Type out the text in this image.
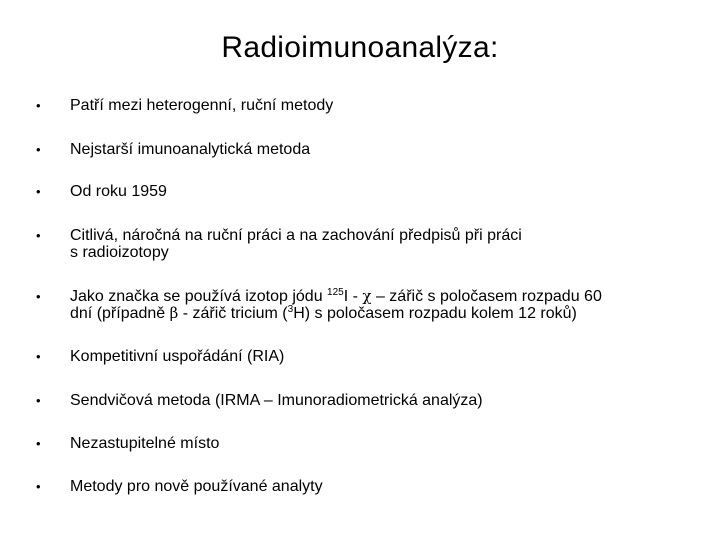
Radioimunoanalýza:
• Patří mezi heterogenní, ruční metody
• Nejstarší imunoanalytická metoda
• Od roku 1959
• Citlivá, náročná na ruční práci a na zachování předpisů při práci
s radioizotopy
• Jako značka se používá izotop jódu $^{125}$I - χ – zářič s poločasem rozpadu 60
dní (případně β - zářič tricium ($^3$H) s poločasem rozpadu kolem 12 roků)
• Kompetitivní uspořádání (RIA)
• Sendvičová metoda (IRMA – Imunoradiometrická analýza)
• Nezastupitelné místo
• Metody pro nově používané analyty
